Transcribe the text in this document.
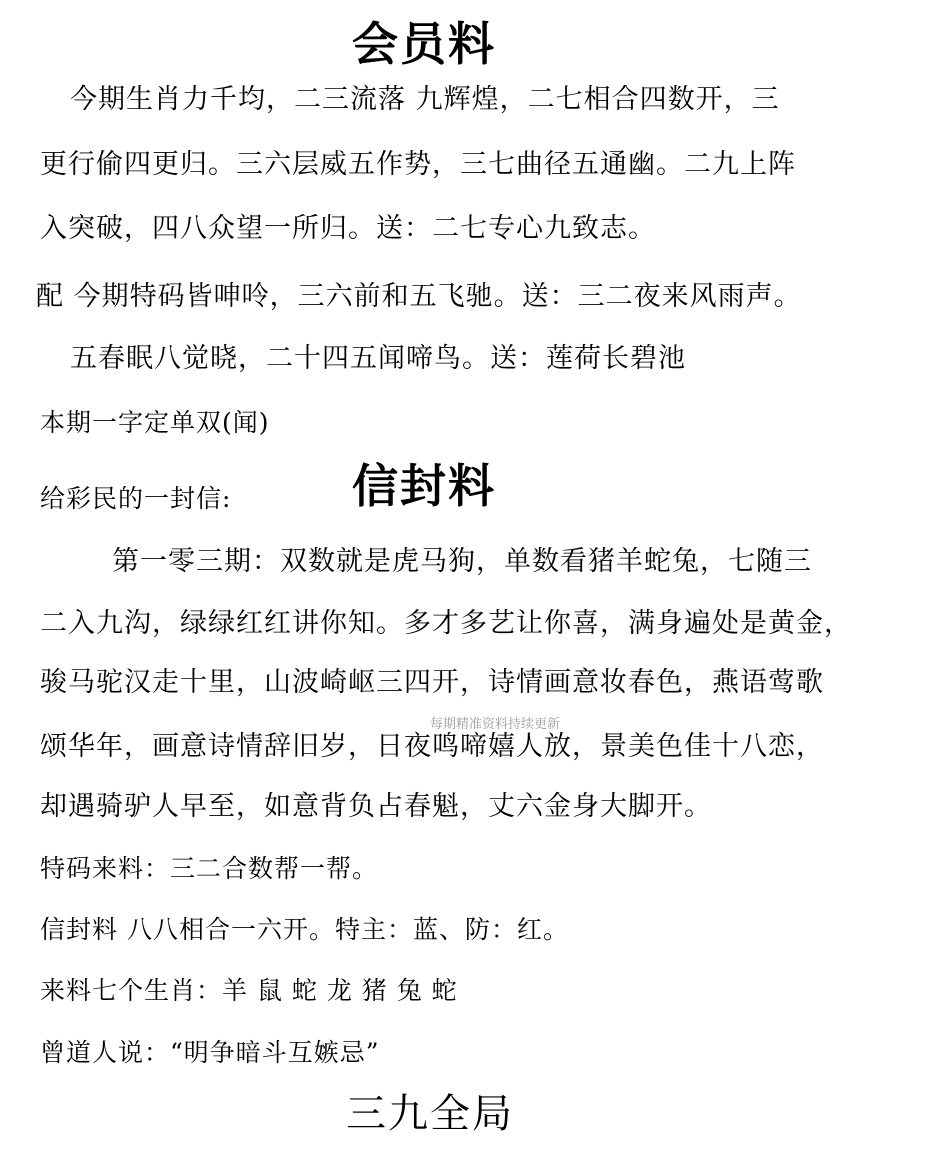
会员料
今期生肖力千均，二三流落 九辉煌，二七相合四数开，三
更行偷四更归。三六层威五作势，三七曲径五通幽。二九上阵
入突破，四八众望一所归。送：二七专心九致志。
配 今期特码皆呻呤，三六前和五飞驰。送：三二夜来风雨声。
五春眠八觉晓，二十四五闻啼鸟。送：莲荷长碧池
本期一字定单双(闻)
给彩民的一封信:	信封料
第一零三期：双数就是虎马狗，单数看猪羊蛇兔，七随三
二入九沟，绿绿红红讲你知。多才多艺让你喜，满身遍处是黄金，
骏马驼汉走十里，山波崎岖三四开，诗情画意妆春色，燕语莺歌
每期精准资料持续更新
颂华年，画意诗情辞旧岁，日夜鸣啼嬉人放，景美色佳十八恋，
却遇骑驴人早至，如意背负占春魁，丈六金身大脚开。
特码来料：三二合数帮一帮。
信封料 八八相合一六开。特主：蓝、防：红。
来料七个生肖：羊 鼠 蛇 龙 猪 兔 蛇
曾道人说：“明争暗斗互嫉忌”
三九全局
